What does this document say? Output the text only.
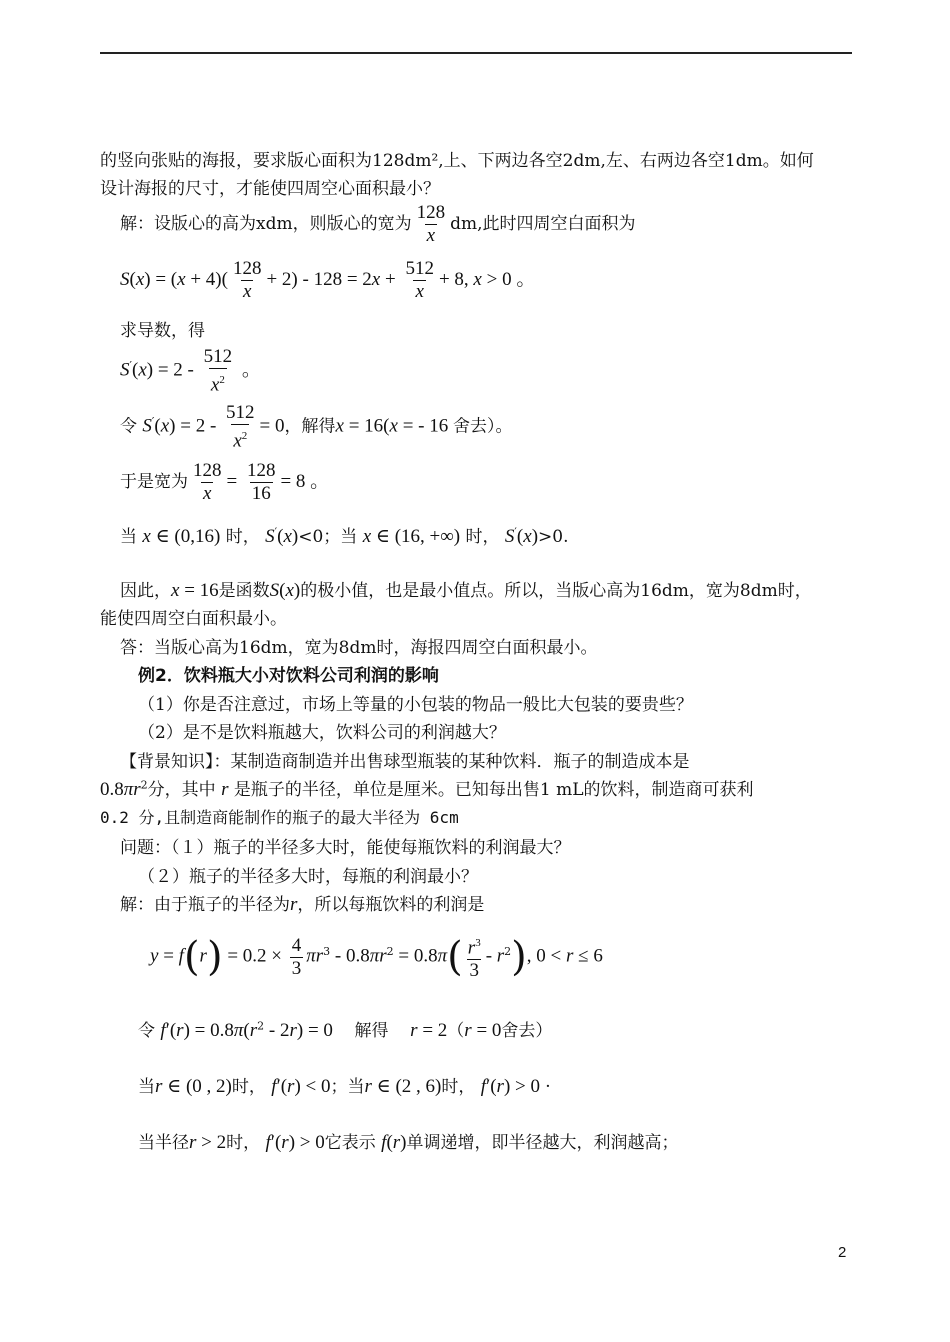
的竖向张贴的海报，要求版心面积为128dm²,上、下两边各空2dm,左、右两边各空1dm。如何
设计海报的尺寸，才能使四周空心面积最小？
解：设版心的高为xdm，则版心的宽为 $\frac{128}{x}$ dm,此时四周空白面积为
$S(x) = (x + 4)( \frac{128}{x} + 2) - 128 = 2x + \frac{512}{x} + 8$, x > 0 。
求导数，得
$S'(x) = 2 - \frac{512}{x^2}$ 。
令 $S'(x) = 2 - \frac{512}{x^2} = 0$，解得x = 16(x = - 16 舍去）。
于是宽为 $\frac{128}{x} = \frac{128}{16} = 8$ 。
当 x ∈ (0,16) 时， S′(x)<0；当 x ∈ (16, +∞) 时， S′(x)>0.
因此，x = 16是函数S(x)的极小值，也是最小值点。所以，当版心高为16dm，宽为8dm时，
能使四周空白面积最小。
答：当版心高为16dm，宽为8dm时，海报四周空白面积最小。
例2．饮料瓶大小对饮料公司利润的影响
（1）你是否注意过，市场上等量的小包装的物品一般比大包装的要贵些？
（2）是不是饮料瓶越大，饮料公司的利润越大？
【背景知识】：某制造商制造并出售球型瓶装的某种饮料．瓶子的制造成本是
$0.8\pi r^2$分，其中 r 是瓶子的半径，单位是厘米。已知每出售1 mL的饮料，制造商可获利
0.2 分,且制造商能制作的瓶子的最大半径为 6cm
问题：（１）瓶子的半径多大时，能使每瓶饮料的利润最大？
（２）瓶子的半径多大时，每瓶的利润最小？
解：由于瓶子的半径为r，所以每瓶饮料的利润是
$y = f(r) = 0.2 \times \frac{4}{3} \pi r^3 - 0.8\pi r^2 = 0.8\pi( \frac{r^3}{3} - r^2)$, 0 < r ≤ 6
令 $f'(r) = 0.8\pi(r^2 - 2r) = 0$ 解得 r = 2（r = 0舍去）
当r ∈ (0 , 2)时， f′(r) < 0；当r ∈ (2 , 6)时， f′(r) > 0 ·
当半径r > 2时， f′(r) > 0它表示 f(r)单调递增，即半径越大，利润越高；
2
